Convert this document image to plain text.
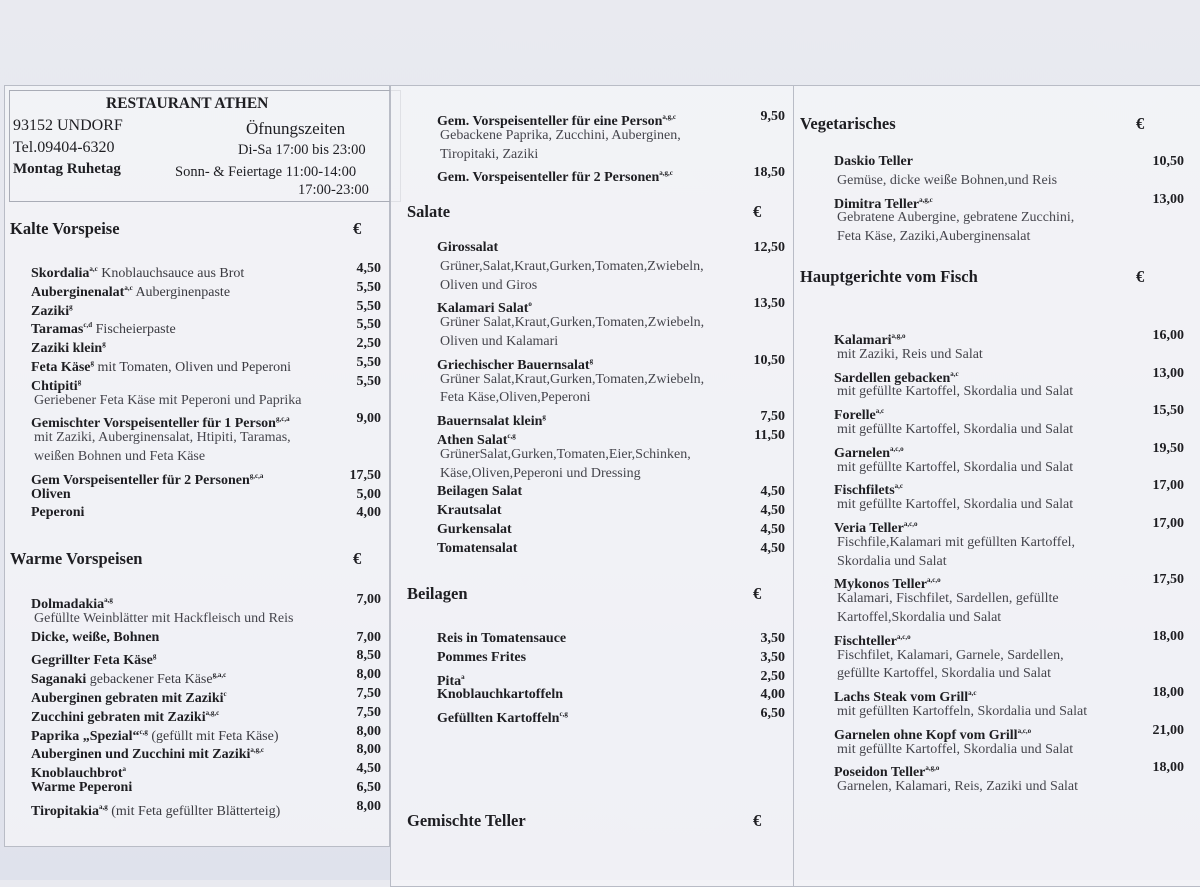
RESTAURANT ATHEN
93152 UNDORF
Tel.09404-6320
Montag Ruhetag
Öfnungszeiten
Di-Sa 17:00 bis 23:00
Sonn- & Feiertage 11:00-14:00
17:00-23:00
Kalte Vorspeise	€
Skordalia$^{a,c}$ Knoblauchsauce aus Brot	4,50
Auberginenalat$^{a,c}$ Auberginenpaste	5,50
Zaziki$^g$	5,50
Taramas$^{c,d}$ Fischeierpaste	5,50
Zaziki klein$^g$	2,50
Feta Käse$^g$ mit Tomaten, Oliven und Peperoni	5,50
Chtipiti$^g$	5,50
Geriebener Feta Käse mit Peperoni und Paprika
Gemischter Vorspeisenteller für 1 Person$^{g,c,a}$	9,00
mit Zaziki, Auberginensalat, Htipiti, Taramas,
weißen Bohnen und Feta Käse
Gem Vorspeisenteller für 2 Personen$^{g,c,a}$	17,50
Oliven	5,00
Peperoni	4,00
Warme Vorspeisen	€
Dolmadakia$^{a,g}$	7,00
Gefüllte Weinblätter mit Hackfleisch und Reis
Dicke, weiße, Bohnen	7,00
Gegrillter Feta Käse$^g$	8,50
Saganaki gebackener Feta Käse$^{g,a,c}$	8,00
Auberginen gebraten mit Zaziki$^c$	7,50
Zucchini gebraten mit Zaziki$^{a,g,c}$	7,50
Paprika „Spezial“$^{c,g}$ (gefüllt mit Feta Käse)	8,00
Auberginen und Zucchini mit Zaziki$^{a,g,c}$	8,00
Knoblauchbrot$^a$	4,50
Warme Peperoni	6,50
Tiropitakia$^{a,g}$ (mit Feta gefüllter Blätterteig)	8,00
Gem. Vorspeisenteller für eine Person$^{a,g,c}$	9,50
Gebackene Paprika, Zucchini, Auberginen,
Tiropitaki, Zaziki
Gem. Vorspeisenteller für 2 Personen$^{a,g,c}$	18,50
Salate	€
Girossalat	12,50
Grüner,Salat,Kraut,Gurken,Tomaten,Zwiebeln,
Oliven und Giros
Kalamari Salat$^o$	13,50
Grüner Salat,Kraut,Gurken,Tomaten,Zwiebeln,
Oliven und Kalamari
Griechischer Bauernsalat$^g$	10,50
Grüner Salat,Kraut,Gurken,Tomaten,Zwiebeln,
Feta Käse,Oliven,Peperoni
Bauernsalat klein$^g$	7,50
Athen Salat$^{c,g}$	11,50
GrünerSalat,Gurken,Tomaten,Eier,Schinken,
Käse,Oliven,Peperoni und Dressing
Beilagen Salat	4,50
Krautsalat	4,50
Gurkensalat	4,50
Tomatensalat	4,50
Beilagen	€
Reis in Tomatensauce	3,50
Pommes Frites	3,50
Pita$^a$	2,50
Knoblauchkartoffeln	4,00
Gefüllten Kartoffeln$^{c,g}$	6,50
Gemischte Teller	€
Vegetarisches	€
Daskio Teller	10,50
Gemüse, dicke weiße Bohnen,und Reis
Dimitra Teller$^{a,g,c}$	13,00
Gebratene Aubergine, gebratene Zucchini,
Feta Käse, Zaziki,Auberginensalat
Hauptgerichte vom Fisch	€
Kalamari$^{a,g,o}$	16,00
mit Zaziki, Reis und Salat
Sardellen gebacken$^{a,c}$	13,00
mit gefüllte Kartoffel, Skordalia und Salat
Forelle$^{a,c}$	15,50
mit gefüllte Kartoffel, Skordalia und Salat
Garnelen$^{a,c,o}$	19,50
mit gefüllte Kartoffel, Skordalia und Salat
Fischfilets$^{a,c}$	17,00
mit gefüllte Kartoffel, Skordalia und Salat
Veria Teller$^{a,c,o}$	17,00
Fischfile,Kalamari mit gefüllten Kartoffel,
Skordalia und Salat
Mykonos Teller$^{a,c,o}$	17,50
Kalamari, Fischfilet, Sardellen, gefüllte
Kartoffel,Skordalia und Salat
Fischteller$^{a,c,o}$	18,00
Fischfilet, Kalamari, Garnele, Sardellen,
gefüllte Kartoffel, Skordalia und Salat
Lachs Steak vom Grill$^{a,c}$	18,00
mit gefüllten Kartoffeln, Skordalia und Salat
Garnelen ohne Kopf vom Grill$^{a,c,o}$	21,00
mit gefüllte Kartoffel, Skordalia und Salat
Poseidon Teller$^{a,g,o}$	18,00
Garnelen, Kalamari, Reis, Zaziki und Salat
